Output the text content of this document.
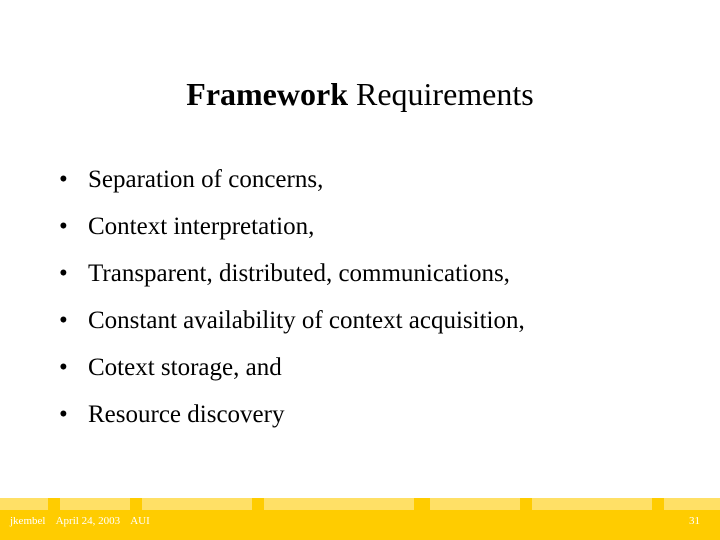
Framework Requirements
• Separation of concerns,
• Context interpretation,
• Transparent, distributed, communications,
• Constant availability of context acquisition,
• Cotext storage, and
• Resource discovery
jkembel April 24, 2003 AUI	31
